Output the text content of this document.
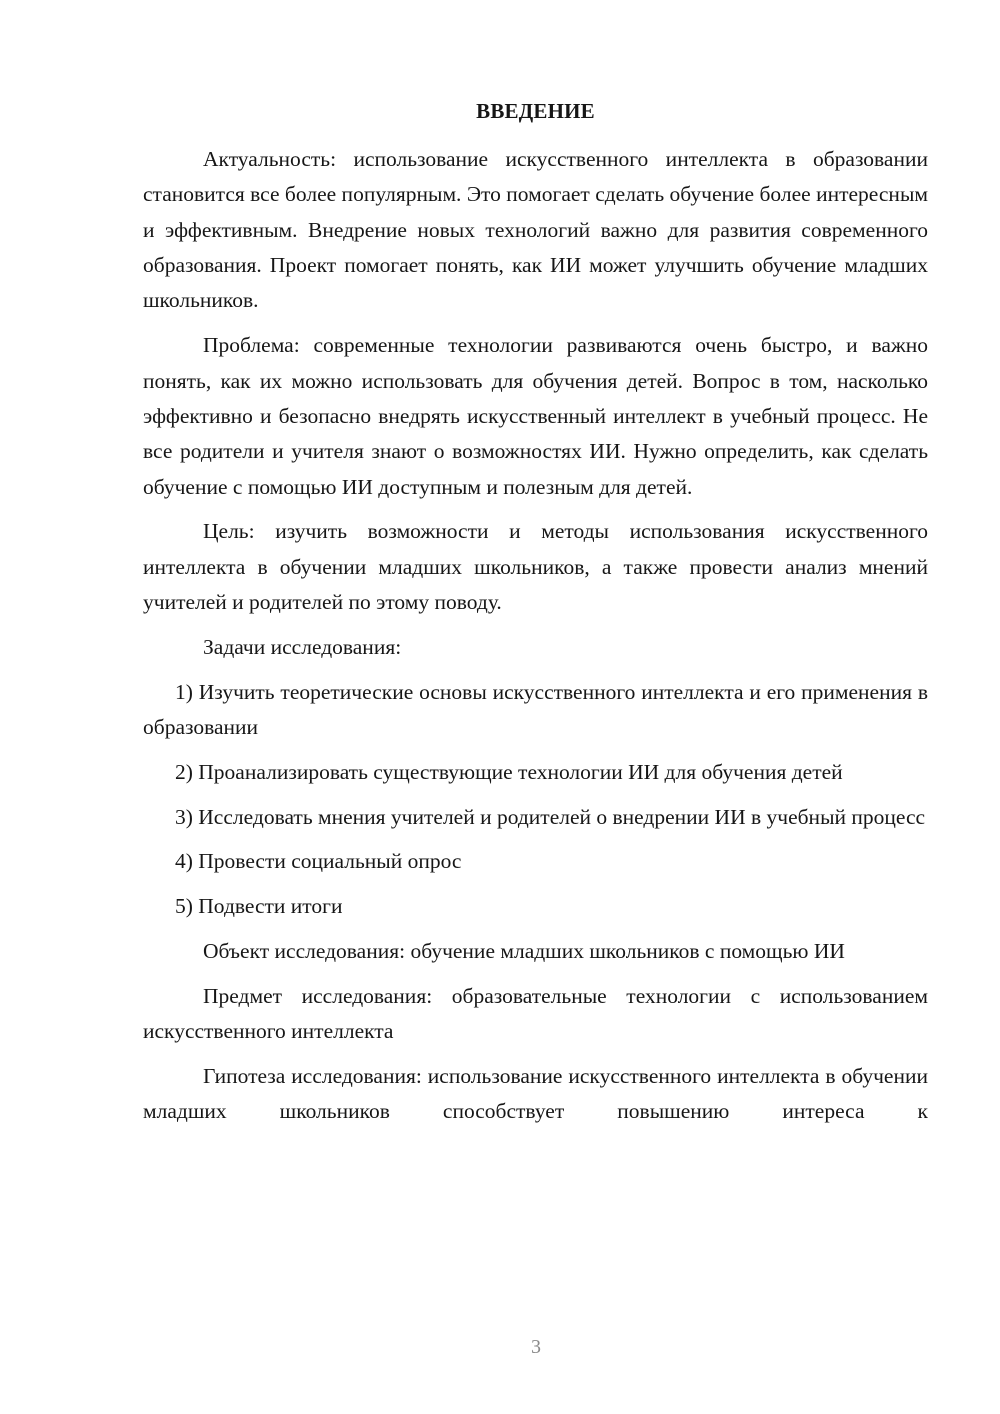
ВВЕДЕНИЕ

Актуальность: использование искусственного интеллекта в образовании становится все более популярным. Это помогает сделать обучение более интересным и эффективным. Внедрение новых технологий важно для развития современного образования. Проект помогает понять, как ИИ может улучшить обучение младших школьников.

Проблема: современные технологии развиваются очень быстро, и важно понять, как их можно использовать для обучения детей. Вопрос в том, насколько эффективно и безопасно внедрять искусственный интеллект в учебный процесс. Не все родители и учителя знают о возможностях ИИ. Нужно определить, как сделать обучение с помощью ИИ доступным и полезным для детей.

Цель: изучить возможности и методы использования искусственного интеллекта в обучении младших школьников, а также провести анализ мнений учителей и родителей по этому поводу.

Задачи исследования:

1) Изучить теоретические основы искусственного интеллекта и его применения в образовании

2) Проанализировать существующие технологии ИИ для обучения детей

3) Исследовать мнения учителей и родителей о внедрении ИИ в учебный процесс

4) Провести социальный опрос

5) Подвести итоги

Объект исследования: обучение младших школьников с помощью ИИ

Предмет исследования: образовательные технологии с использованием искусственного интеллекта

Гипотеза исследования: использование искусственного интеллекта в обучении младших школьников способствует повышению интереса к

3
